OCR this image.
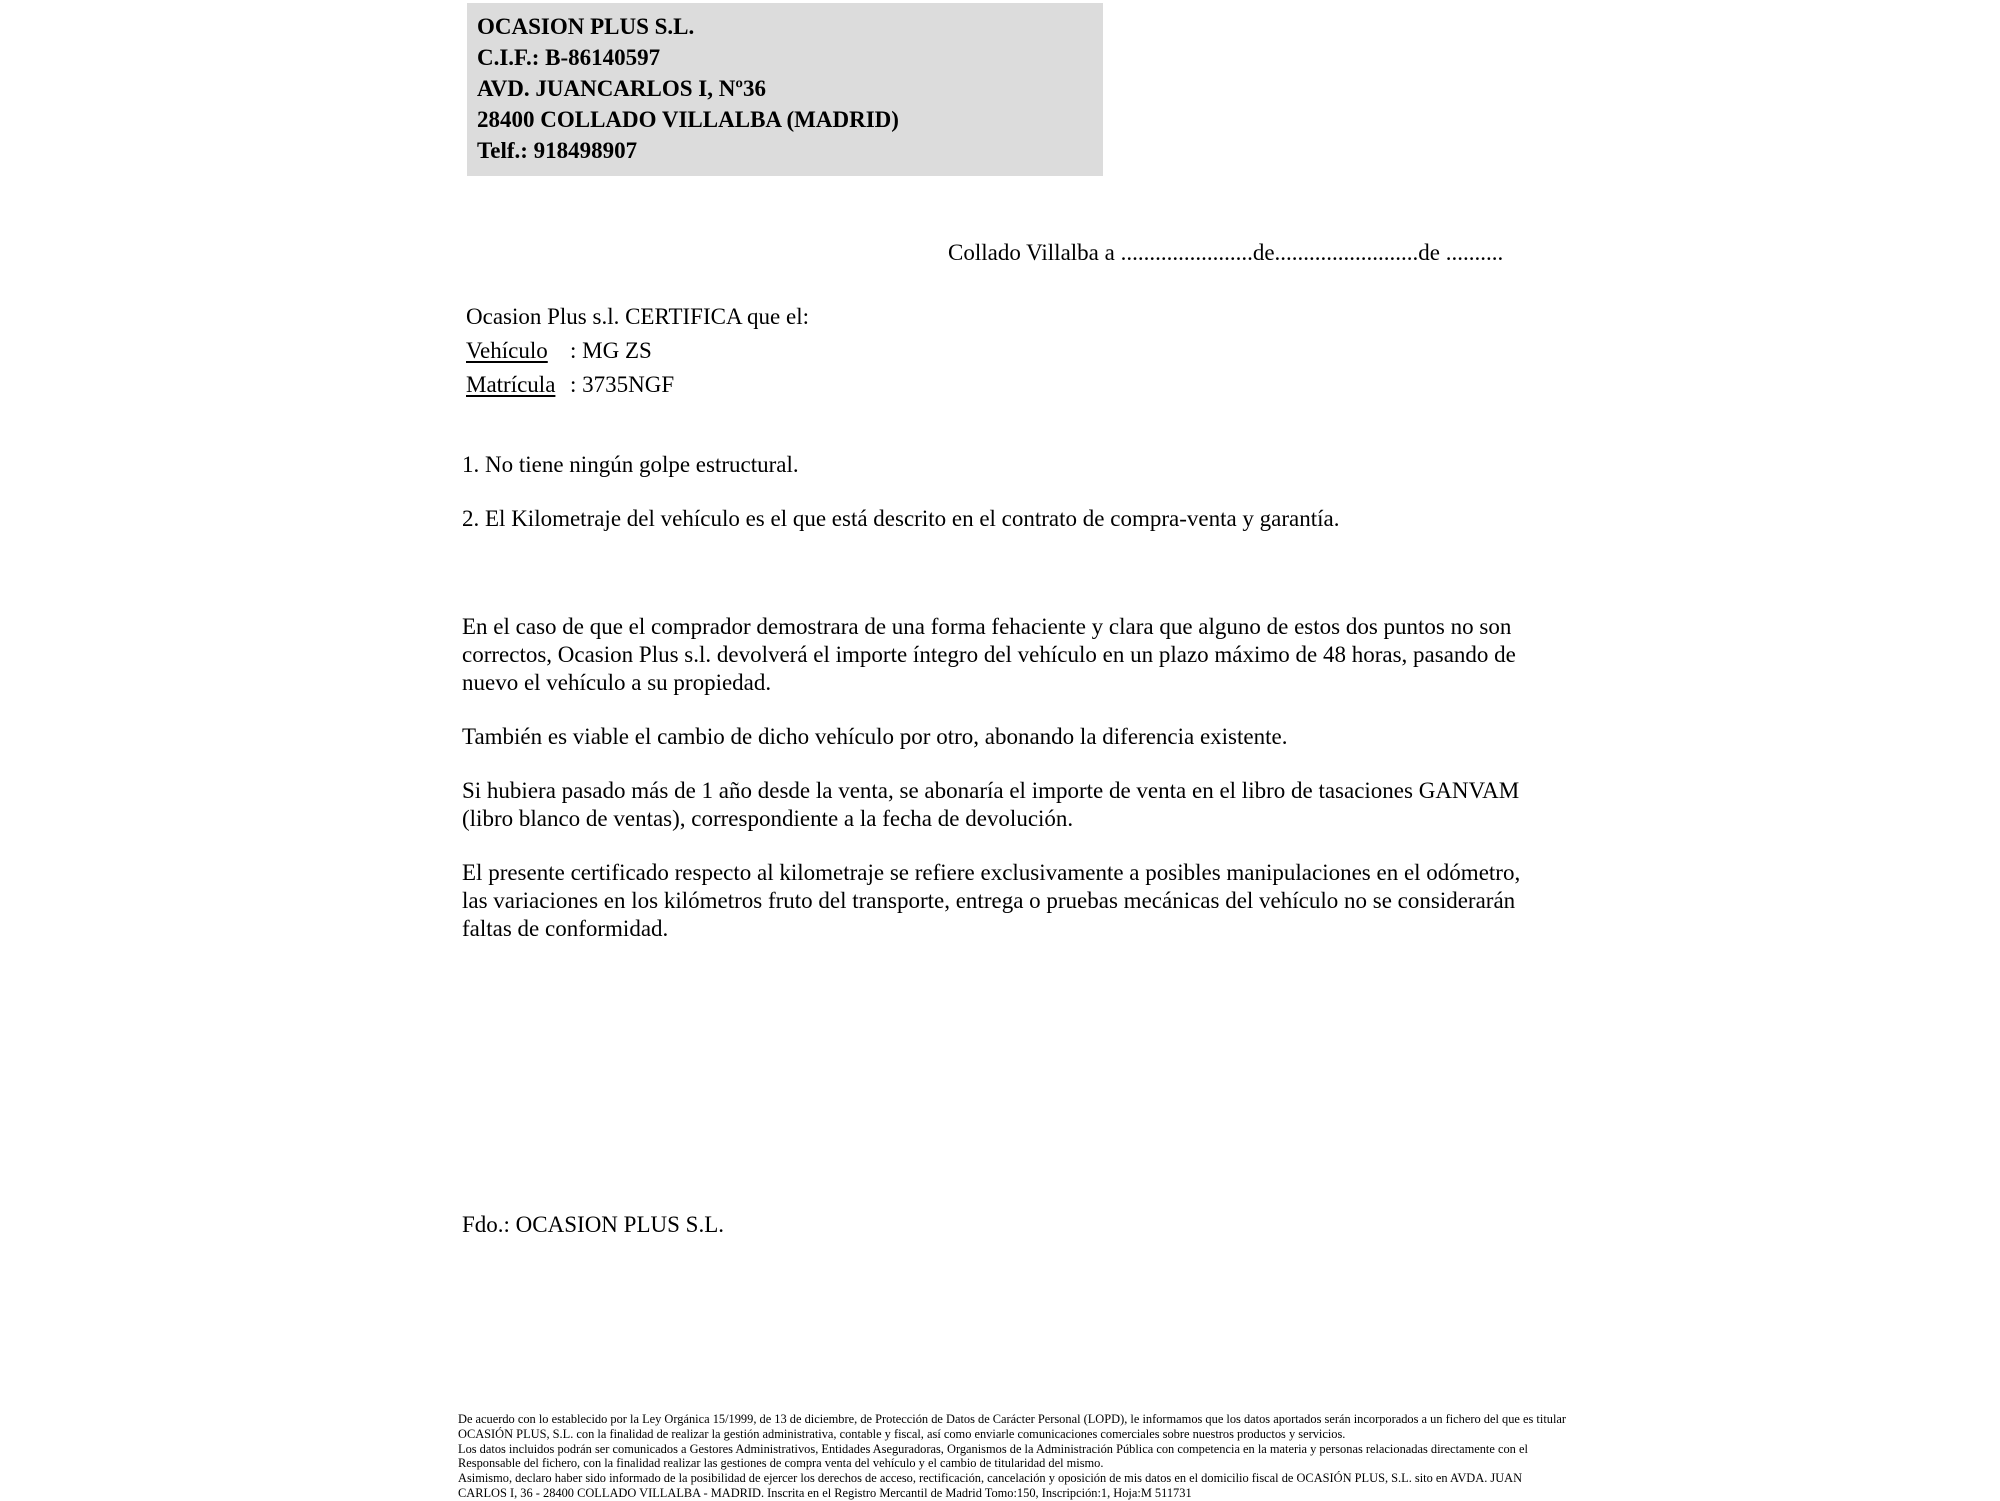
OCASION PLUS S.L.
C.I.F.: B-86140597
AVD. JUANCARLOS I, Nº36
28400 COLLADO VILLALBA (MADRID)
Telf.: 918498907
Collado Villalba a .......................de.........................de ..........
Ocasion Plus s.l. CERTIFICA que el:
Vehículo : MG ZS
Matrícula : 3735NGF
1. No tiene ningún golpe estructural.
2. El Kilometraje del vehículo es el que está descrito en el contrato de compra-venta y garantía.

En el caso de que el comprador demostrara de una forma fehaciente y clara que alguno de estos dos puntos no son correctos, Ocasion Plus s.l. devolverá el importe íntegro del vehículo en un plazo máximo de 48 horas, pasando de nuevo el vehículo a su propiedad.

También es viable el cambio de dicho vehículo por otro, abonando la diferencia existente.

Si hubiera pasado más de 1 año desde la venta, se abonaría el importe de venta en el libro de tasaciones GANVAM (libro blanco de ventas), correspondiente a la fecha de devolución.

El presente certificado respecto al kilometraje se refiere exclusivamente a posibles manipulaciones en el odómetro, las variaciones en los kilómetros fruto del transporte, entrega o pruebas mecánicas del vehículo no se considerarán faltas de conformidad.

Fdo.: OCASION PLUS S.L.
De acuerdo con lo establecido por la Ley Orgánica 15/1999, de 13 de diciembre, de Protección de Datos de Carácter Personal (LOPD), le informamos que los datos aportados serán incorporados a un fichero del que es titular
OCASIÓN PLUS, S.L. con la finalidad de realizar la gestión administrativa, contable y fiscal, así como enviarle comunicaciones comerciales sobre nuestros productos y servicios.
Los datos incluidos podrán ser comunicados a Gestores Administrativos, Entidades Aseguradoras, Organismos de la Administración Pública con competencia en la materia y personas relacionadas directamente con el
Responsable del fichero, con la finalidad realizar las gestiones de compra venta del vehículo y el cambio de titularidad del mismo.
Asimismo, declaro haber sido informado de la posibilidad de ejercer los derechos de acceso, rectificación, cancelación y oposición de mis datos en el domicilio fiscal de OCASIÓN PLUS, S.L. sito en AVDA. JUAN
CARLOS I, 36 - 28400 COLLADO VILLALBA - MADRID. Inscrita en el Registro Mercantil de Madrid Tomo:150, Inscripción:1, Hoja:M 511731
